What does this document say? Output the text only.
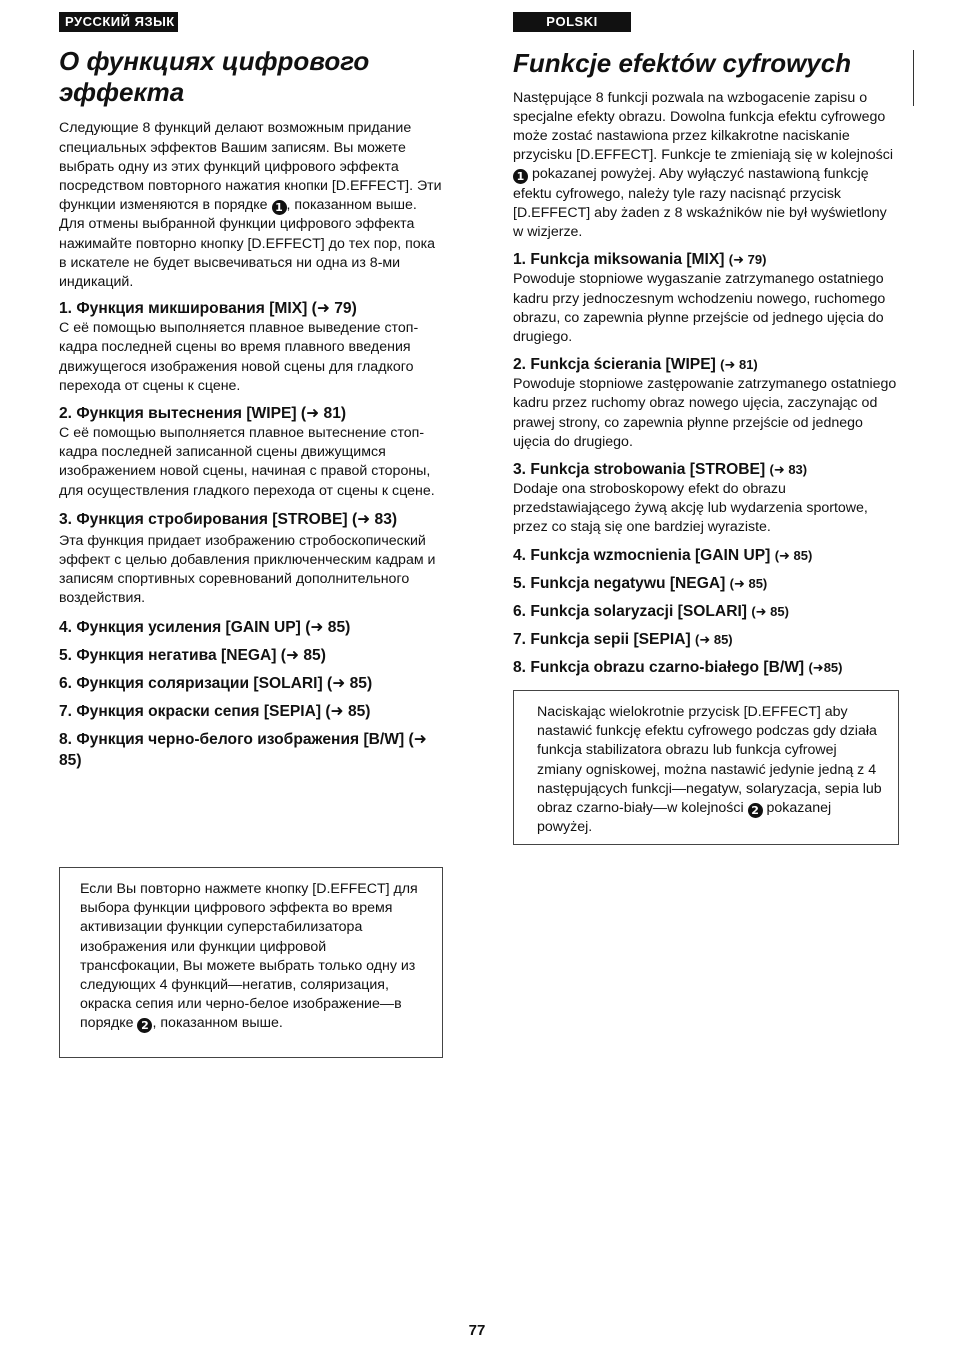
РУССКИЙ ЯЗЫК
О функциях цифрового эффекта

Следующие 8 функций делают возможным придание специальных эффектов Вашим записям. Вы можете выбрать одну из этих функций цифрового эффекта посредством повторного нажатия кнопки [D.EFFECT]. Эти функции изменяются в порядке 1 , показанном выше. Для отмены выбранной функции цифрового эффекта нажимайте повторно кнопку [D.EFFECT] до тех пор, пока в искателе не будет высвечиваться ни одна из 8-ми индикаций.

1. Функция микширования [MIX] (➜ 79)

С её помощью выполняется плавное выведение стоп-кадра последней сцены во время плавного введения движущегося изображения новой сцены для гладкого перехода от сцены к сцене.

2. Функция вытеснения [WIPE] (➜ 81)

С её помощью выполняется плавное вытеснение стоп-кадра последней записанной сцены движущимся изображением новой сцены, начиная с правой стороны, для осуществления гладкого перехода от сцены к сцене.

3. Функция стробирования [STROBE] (➜ 83)

Эта функция придает изображению стробоскопический эффект с целью добавления приключенческим кадрам и записям спортивных соревнований дополнительного воздействия.

4. Функция усиления [GAIN UP] (➜ 85)
5. Функция негатива [NEGA] (➜ 85)
6. Функция соляризации [SOLARI] (➜ 85)
7. Функция окраски сепия [SEPIA] (➜ 85)
8. Функция черно-белого изображения [B/W] (➜ 85)

Если Вы повторно нажмете кнопку [D.EFFECT] для выбора функции цифрового эффекта во время активизации функции суперстабилизатора изображения или функции цифровой трансфокации, Вы можете выбрать только одну из следующих 4 функций—негатив, соляризация, окраска сепия или черно-белое изображение—в порядке 2 , показанном выше.

POLSKI
Funkcje efektów cyfrowych

Następujące 8 funkcji pozwala na wzbogacenie zapisu o specjalne efekty obrazu. Dowolna funkcja efektu cyfrowego może zostać nastawiona przez kilkakrotne naciskanie przycisku [D.EFFECT]. Funkcje te zmieniają się w kolejności 1 pokazanej powyżej. Aby wyłączyć nastawioną funkcję efektu cyfrowego, należy tyle razy nacisnąć przycisk [D.EFFECT] aby żaden z 8 wskaźników nie był wyświetlony w wizjerze.

1. Funkcja miksowania [MIX] (➜ 79)

Powoduje stopniowe wygaszanie zatrzymanego ostatniego kadru przy jednoczesnym wchodzeniu nowego, ruchomego obrazu, co zapewnia płynne przejście od jednego ujęcia do drugiego.

2. Funkcja ścierania [WIPE] (➜ 81)

Powoduje stopniowe zastępowanie zatrzymanego ostatniego kadru przez ruchomy obraz nowego ujęcia, zaczynając od prawej strony, co zapewnia płynne przejście od jednego ujęcia do drugiego.

3. Funkcja strobowania [STROBE] (➜ 83)

Dodaje ona stroboskopowy efekt do obrazu przedstawiającego żywą akcję lub wydarzenia sportowe, przez co stają się one bardziej wyraziste.

4. Funkcja wzmocnienia [GAIN UP] (➜ 85)
5. Funkcja negatywu [NEGA] (➜ 85)
6. Funkcja solaryzacji [SOLARI] (➜ 85)
7. Funkcja sepii [SEPIA] (➜ 85)
8. Funkcja obrazu czarno-białego [B/W] (➜85)

Naciskając wielokrotnie przycisk [D.EFFECT] aby nastawić funkcję efektu cyfrowego podczas gdy działa funkcja stabilizatora obrazu lub funkcja cyfrowej zmiany ogniskowej, można nastawić jedynie jedną z 4 następujących funkcji—negatyw, solaryzacja, sepia lub obraz czarno-biały—w kolejności 2 pokazanej powyżej.

77
